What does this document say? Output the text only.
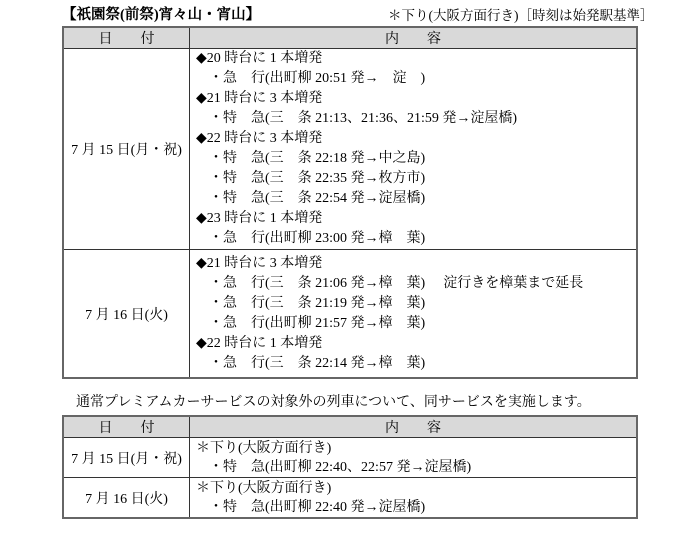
【祇園祭(前祭)宵々山・宵山】	＊下り(大阪方面行き)［時刻は始発駅基準］
日　　付	内　　容
7 月 15 日(月・祝)
◆20 時台に 1 本増発
・急　行(出町柳 20:51 発→　淀　)
◆21 時台に 3 本増発
・特　急(三　条 21:13、21:36、21:59 発→淀屋橋)
◆22 時台に 3 本増発
・特　急(三　条 22:18 発→中之島)
・特　急(三　条 22:35 発→枚方市)
・特　急(三　条 22:54 発→淀屋橋)
◆23 時台に 1 本増発
・急　行(出町柳 23:00 発→樟　葉)
7 月 16 日(火)
◆21 時台に 3 本増発
・急　行(三　条 21:06 発→樟　葉) 淀行きを樟葉まで延長
・急　行(三　条 21:19 発→樟　葉)
・急　行(出町柳 21:57 発→樟　葉)
◆22 時台に 1 本増発
・急　行(三　条 22:14 発→樟　葉)
通常プレミアムカーサービスの対象外の列車について、同サービスを実施します。
日　　付	内　　容
7 月 15 日(月・祝)
＊下り(大阪方面行き)
・特　急(出町柳 22:40、22:57 発→淀屋橋)
7 月 16 日(火)
＊下り(大阪方面行き)
・特　急(出町柳 22:40 発→淀屋橋)
